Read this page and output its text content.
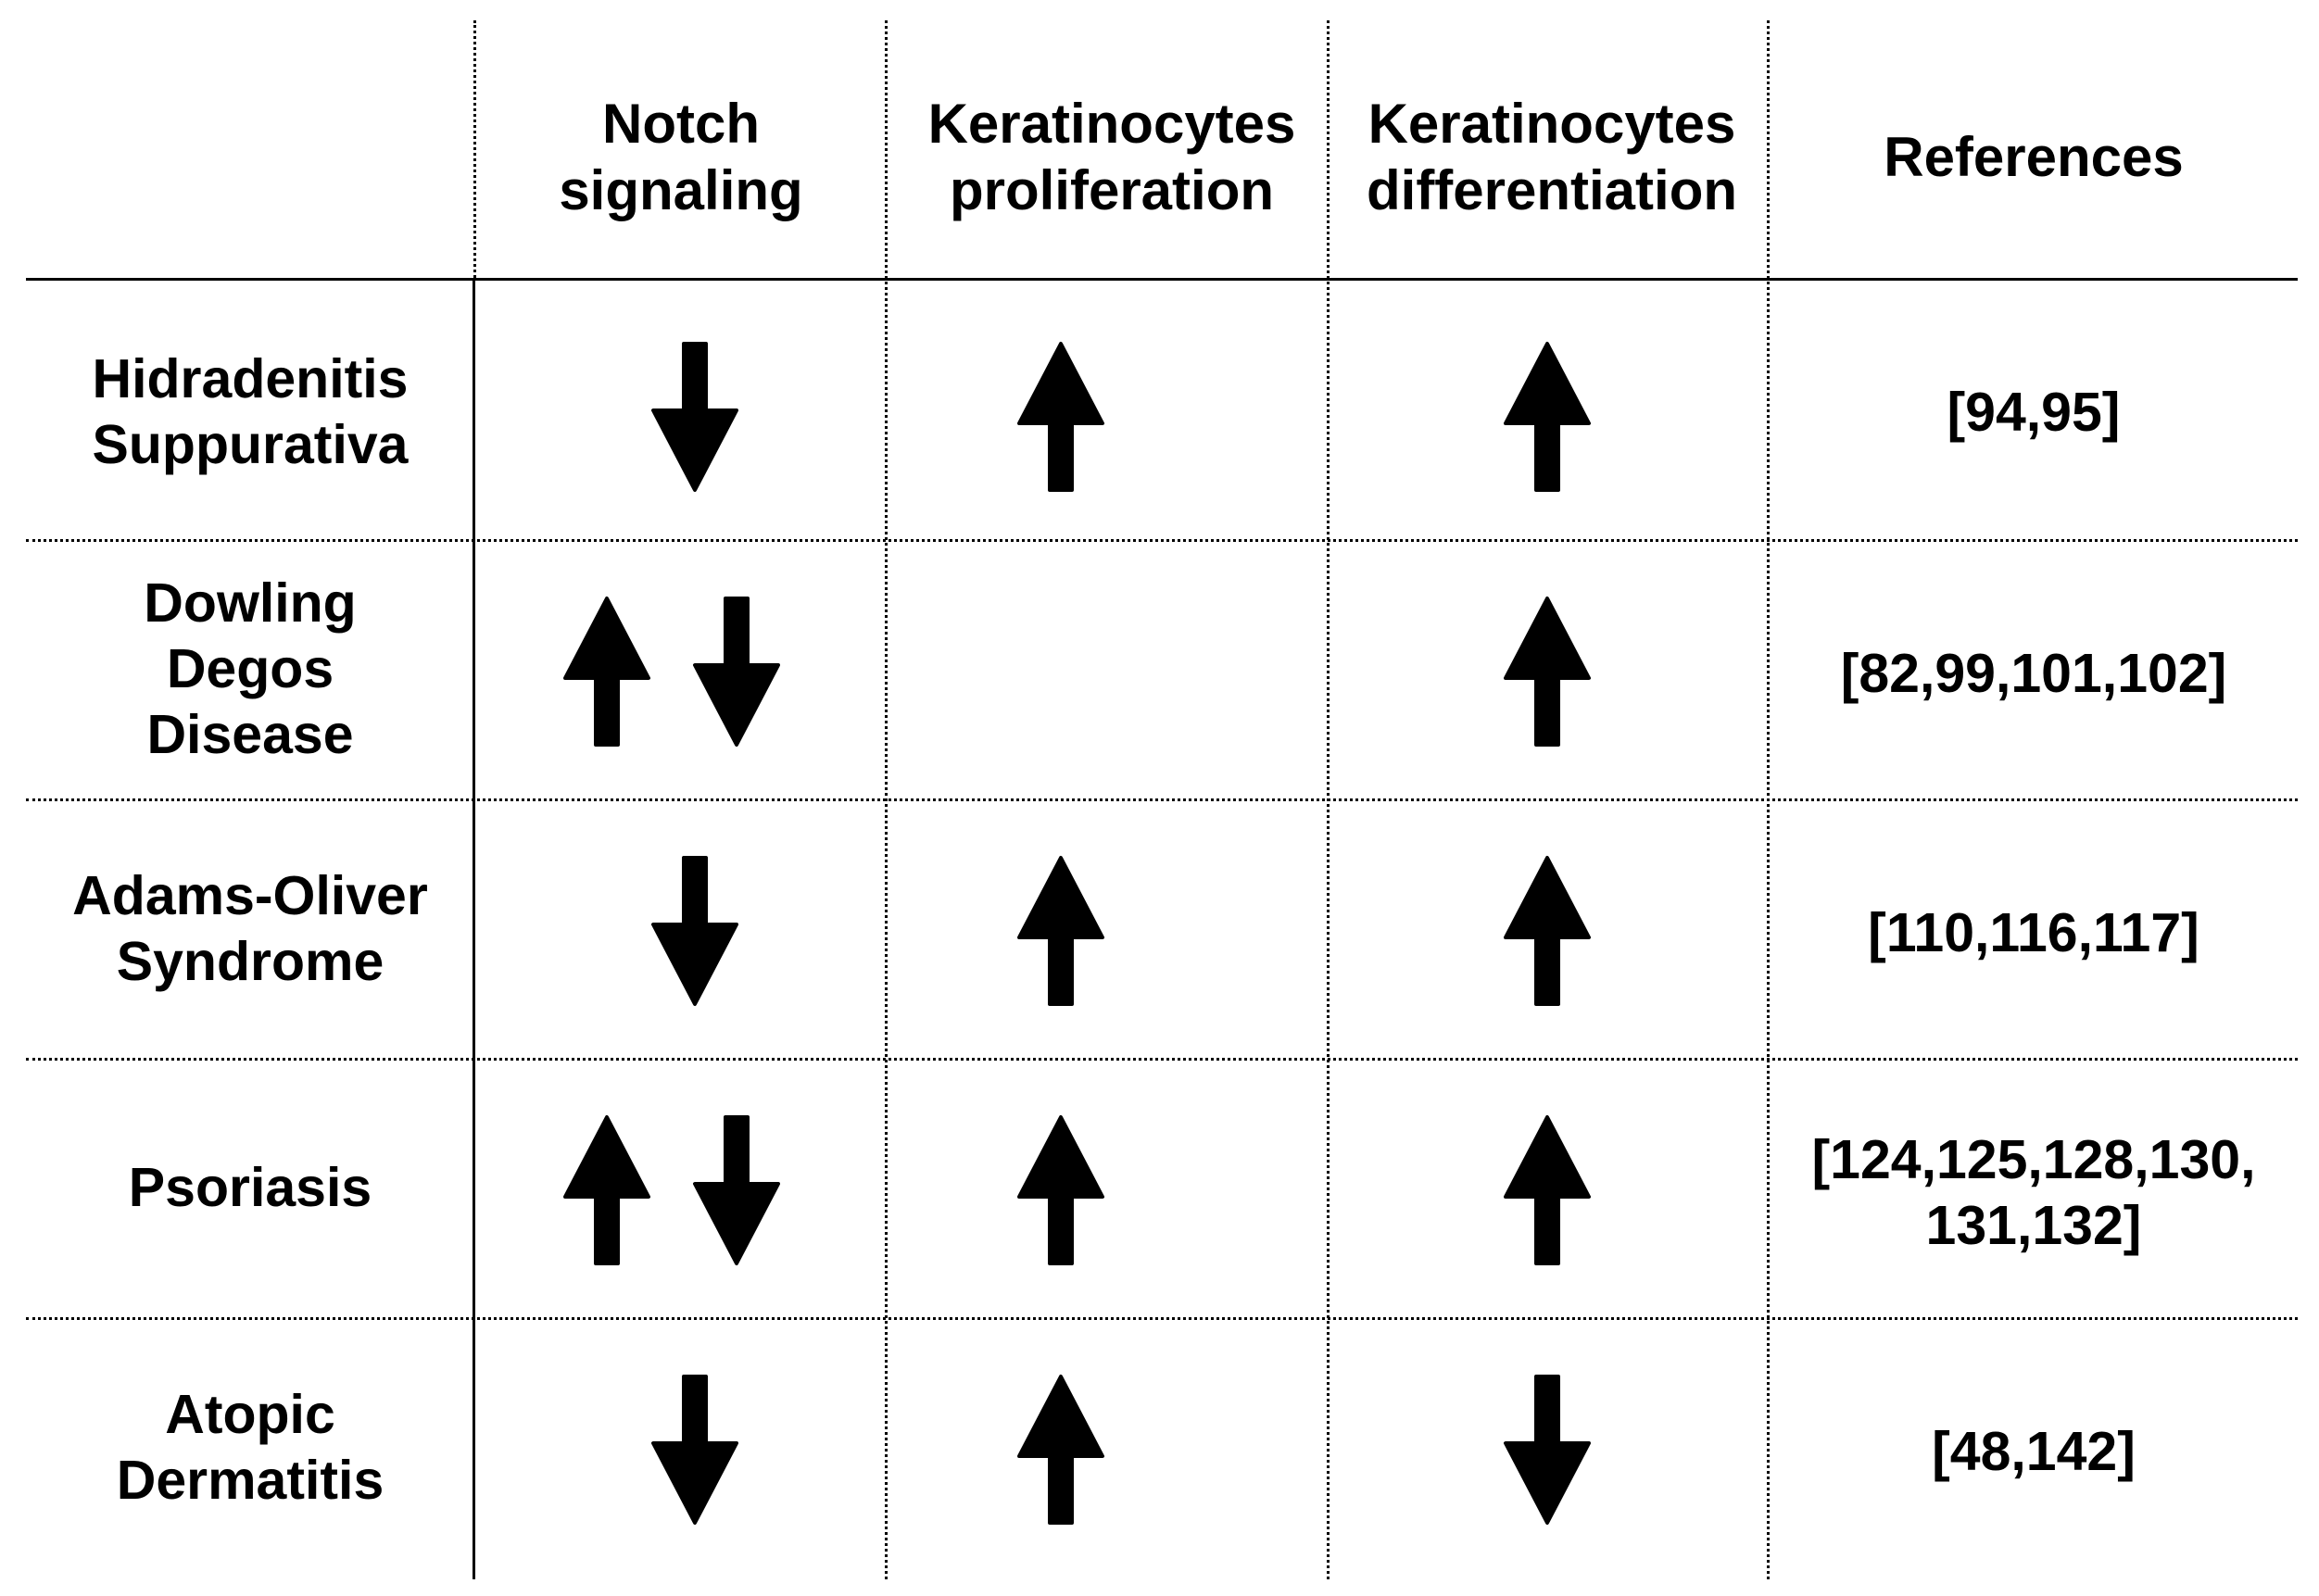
Notch
signaling
Keratinocytes
proliferation
Keratinocytes
differentiation
References
Hidradenitis
Suppurativa
Dowling
Degos
Disease
Adams-Oliver
Syndrome
Psoriasis
Atopic
Dermatitis
[94,95]
[82,99,101,102]
[110,116,117]
[124,125,128,130,
131,132]
[48,142]
